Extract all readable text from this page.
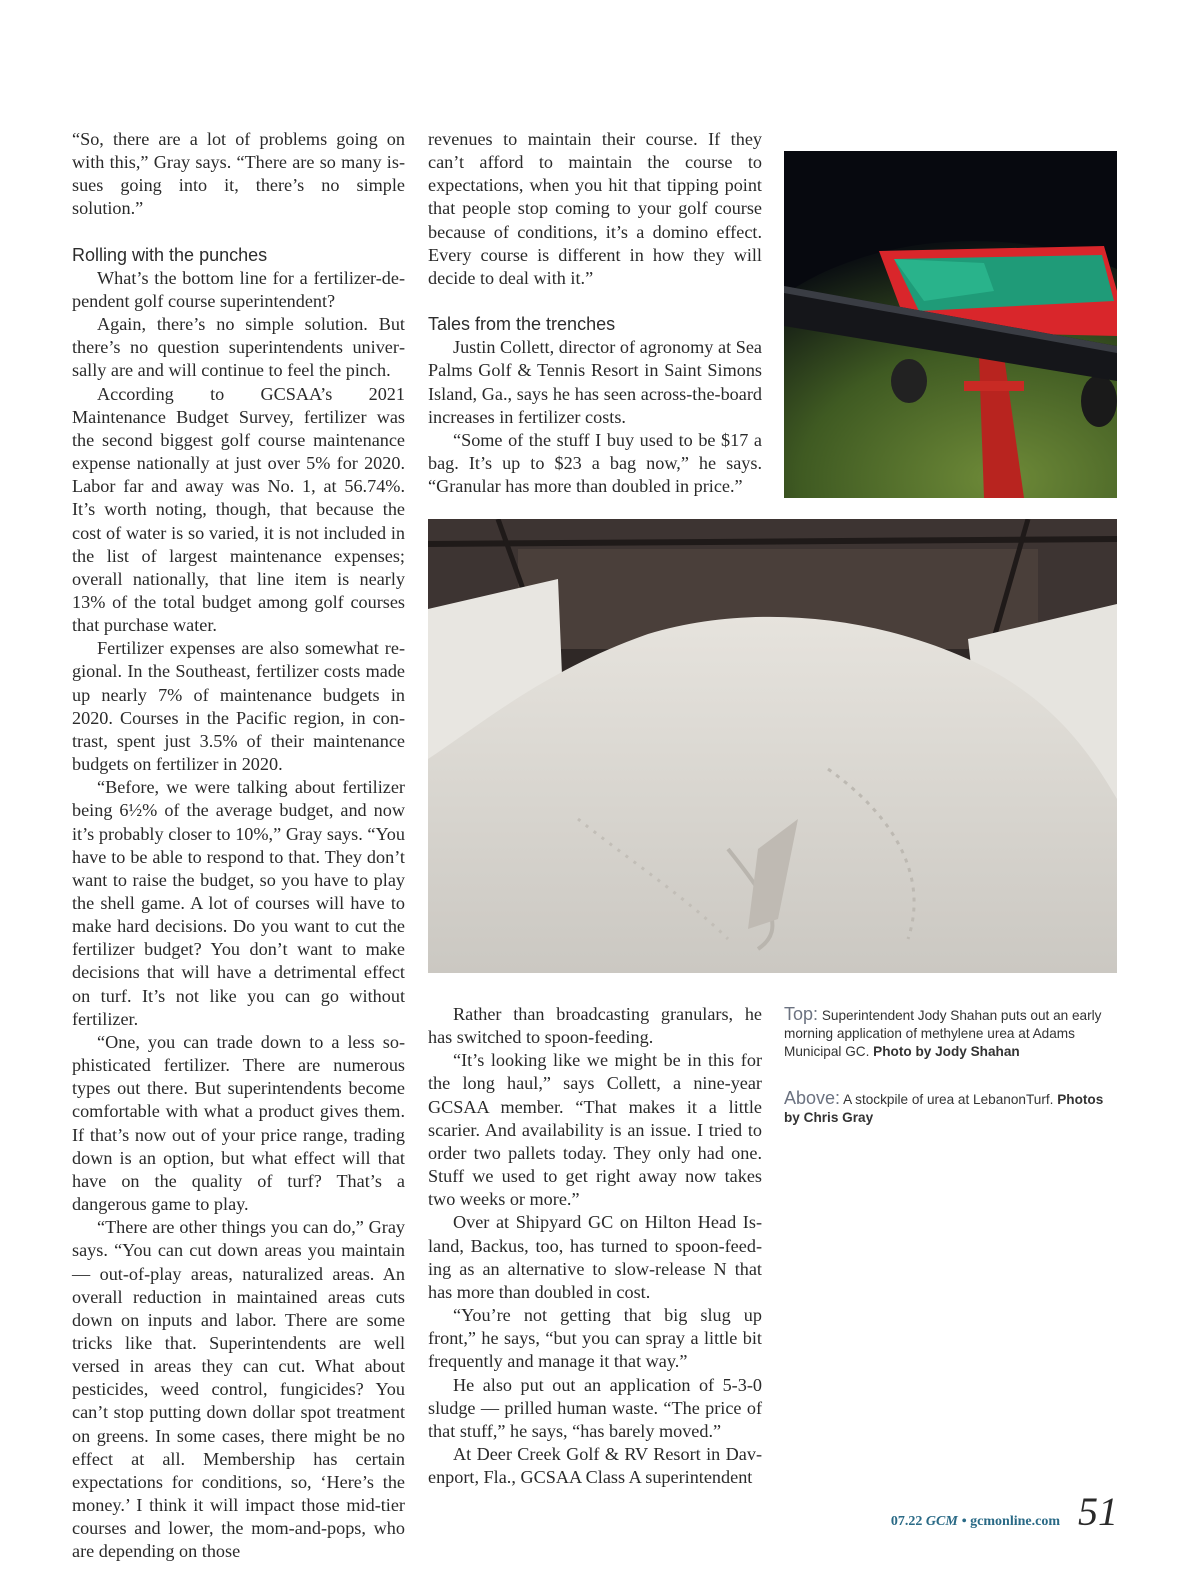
“So, there are a lot of problems going on with this,” Gray says. “There are so many issues going into it, there’s no simple solution.”

Rolling with the punches

What’s the bottom line for a fertilizer-dependent golf course superintendent?

Again, there’s no simple solution. But there’s no question superintendents universally are and will continue to feel the pinch.

According to GCSAA’s 2021 Maintenance Budget Survey, fertilizer was the second biggest golf course maintenance expense nationally at just over 5% for 2020. Labor far and away was No. 1, at 56.74%. It’s worth noting, though, that because the cost of water is so varied, it is not included in the list of largest maintenance expenses; overall nationally, that line item is nearly 13% of the total budget among golf courses that purchase water.

Fertilizer expenses are also somewhat regional. In the Southeast, fertilizer costs made up nearly 7% of maintenance budgets in 2020. Courses in the Pacific region, in contrast, spent just 3.5% of their maintenance budgets on fertilizer in 2020.

“Before, we were talking about fertilizer being 6½% of the average budget, and now it’s probably closer to 10%,” Gray says. “You have to be able to respond to that. They don’t want to raise the budget, so you have to play the shell game. A lot of courses will have to make hard decisions. Do you want to cut the fertilizer budget? You don’t want to make decisions that will have a detrimental effect on turf. It’s not like you can go without fertilizer.

“One, you can trade down to a less sophisticated fertilizer. There are numerous types out there. But superintendents become comfortable with what a product gives them. If that’s now out of your price range, trading down is an option, but what effect will that have on the quality of turf? That’s a dangerous game to play.

“There are other things you can do,” Gray says. “You can cut down areas you maintain — out-of-play areas, naturalized areas. An overall reduction in maintained areas cuts down on inputs and labor. There are some tricks like that. Superintendents are well versed in areas they can cut. What about pesticides, weed control, fungicides? You can’t stop putting down dollar spot treatment on greens. In some cases, there might be no effect at all. Membership has certain expectations for conditions, so, ‘Here’s the money.’ I think it will impact those mid-tier courses and lower, the mom-and-pops, who are depending on those

revenues to maintain their course. If they can’t afford to maintain the course to expectations, when you hit that tipping point that people stop coming to your golf course because of conditions, it’s a domino effect. Every course is different in how they will decide to deal with it.”

Tales from the trenches

Justin Collett, director of agronomy at Sea Palms Golf & Tennis Resort in Saint Simons Island, Ga., says he has seen across-the-board increases in fertilizer costs.

“Some of the stuff I buy used to be $17 a bag. It’s up to $23 a bag now,” he says. “Granular has more than doubled in price.”

Rather than broadcasting granulars, he has switched to spoon-feeding.

“It’s looking like we might be in this for the long haul,” says Collett, a nine-year GCSAA member. “That makes it a little scarier. And availability is an issue. I tried to order two pallets today. They only had one. Stuff we used to get right away now takes two weeks or more.”

Over at Shipyard GC on Hilton Head Island, Backus, too, has turned to spoon-feeding as an alternative to slow-release N that has more than doubled in cost.

“You’re not getting that big slug up front,” he says, “but you can spray a little bit frequently and manage it that way.”

He also put out an application of 5-3-0 sludge — prilled human waste. “The price of that stuff,” he says, “has barely moved.”

At Deer Creek Golf & RV Resort in Davenport, Fla., GCSAA Class A superintendent

Top: Superintendent Jody Shahan puts out an early morning application of methylene urea at Adams Municipal GC. Photo by Jody Shahan
Above: A stockpile of urea at LebanonTurf. Photos by Chris Gray
07.22 GCM • gcmonline.com 51
